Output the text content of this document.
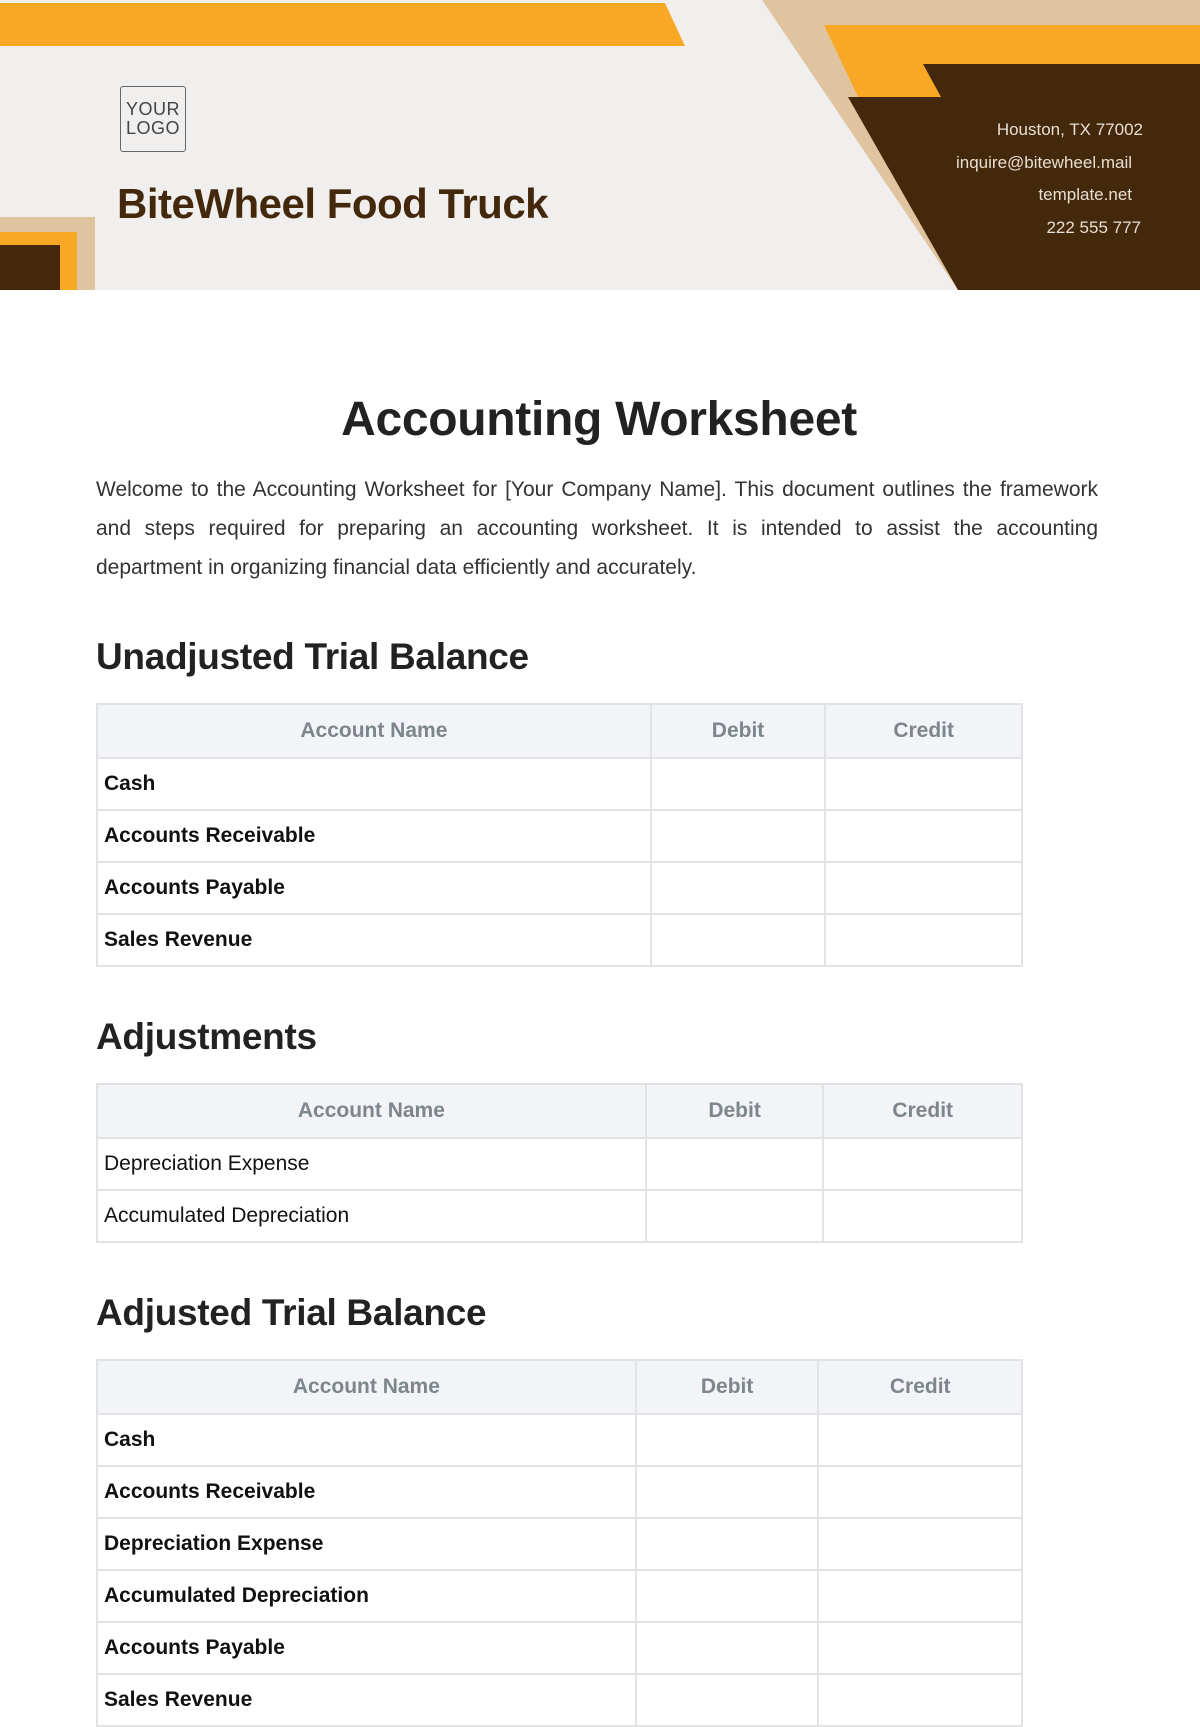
YOUR
LOGO
BiteWheel Food Truck
Houston, TX 77002
inquire@bitewheel.mail
template.net
222 555 777
Accounting Worksheet

Welcome to the Accounting Worksheet for [Your Company Name]. This document outlines the framework and steps required for preparing an accounting worksheet. It is intended to assist the accounting department in organizing financial data efficiently and accurately.

Unadjusted Trial Balance
Account Name	Debit	Credit
Cash		
Accounts Receivable		
Accounts Payable		
Sales Revenue		
Adjustments
Account Name	Debit	Credit
Depreciation Expense		
Accumulated Depreciation		
Adjusted Trial Balance
Account Name	Debit	Credit
Cash		
Accounts Receivable		
Depreciation Expense		
Accumulated Depreciation		
Accounts Payable		
Sales Revenue		
